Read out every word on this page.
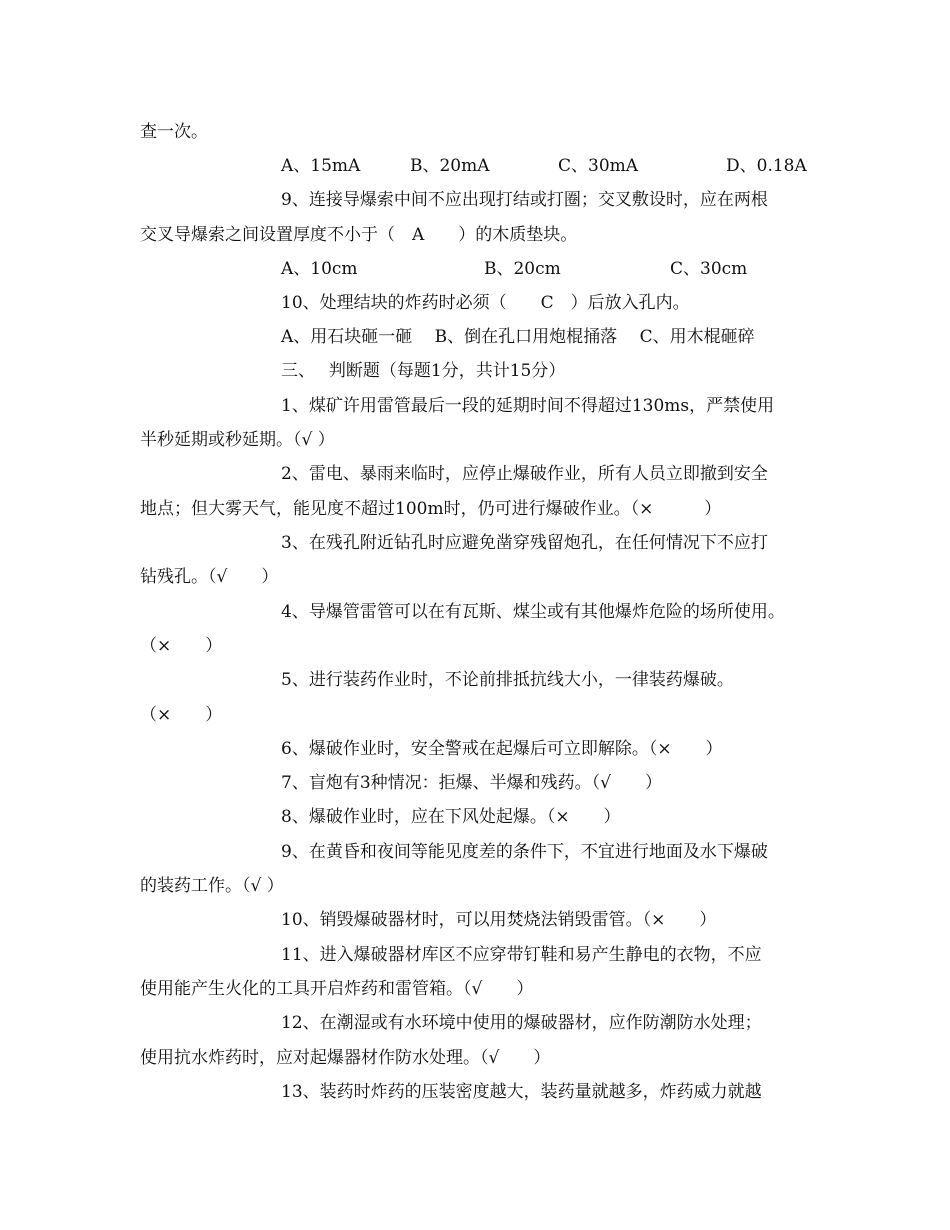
查一次。
A、15mA	B、20mA	C、30mA	D、0.18A
9、连接导爆索中间不应出现打结或打圈；交叉敷设时，应在两根
交叉导爆索之间设置厚度不小于（　A　　）的木质垫块。
A、10cm	B、20cm	C、30cm
10、处理结块的炸药时必须（　　C　）后放入孔内。
A、用石块砸一砸　 B、倒在孔口用炮棍捅落　 C、用木棍砸碎
三、　 判断题（每题1分，共计15分）
1、煤矿许用雷管最后一段的延期时间不得超过130ms，严禁使用
半秒延期或秒延期。（√ ）
2、雷电、暴雨来临时，应停止爆破作业，所有人员立即撤到安全
地点；但大雾天气，能见度不超过100m时，仍可进行爆破作业。（×　　　）
3、在残孔附近钻孔时应避免凿穿残留炮孔，在任何情况下不应打
钻残孔。（√　　）
4、导爆管雷管可以在有瓦斯、煤尘或有其他爆炸危险的场所使用。
（×　　）
5、进行装药作业时，不论前排抵抗线大小，一律装药爆破。
（×　　）
6、爆破作业时，安全警戒在起爆后可立即解除。（×　　）
7、盲炮有3种情况：拒爆、半爆和残药。（√　　）
8、爆破作业时，应在下风处起爆。（×　　）
9、在黄昏和夜间等能见度差的条件下，不宜进行地面及水下爆破
的装药工作。（√ ）
10、销毁爆破器材时，可以用焚烧法销毁雷管。（×　　）
11、进入爆破器材库区不应穿带钉鞋和易产生静电的衣物，不应
使用能产生火化的工具开启炸药和雷管箱。（√　　）
12、在潮湿或有水环境中使用的爆破器材，应作防潮防水处理；
使用抗水炸药时，应对起爆器材作防水处理。（√　　）
13、装药时炸药的压装密度越大，装药量就越多，炸药威力就越
